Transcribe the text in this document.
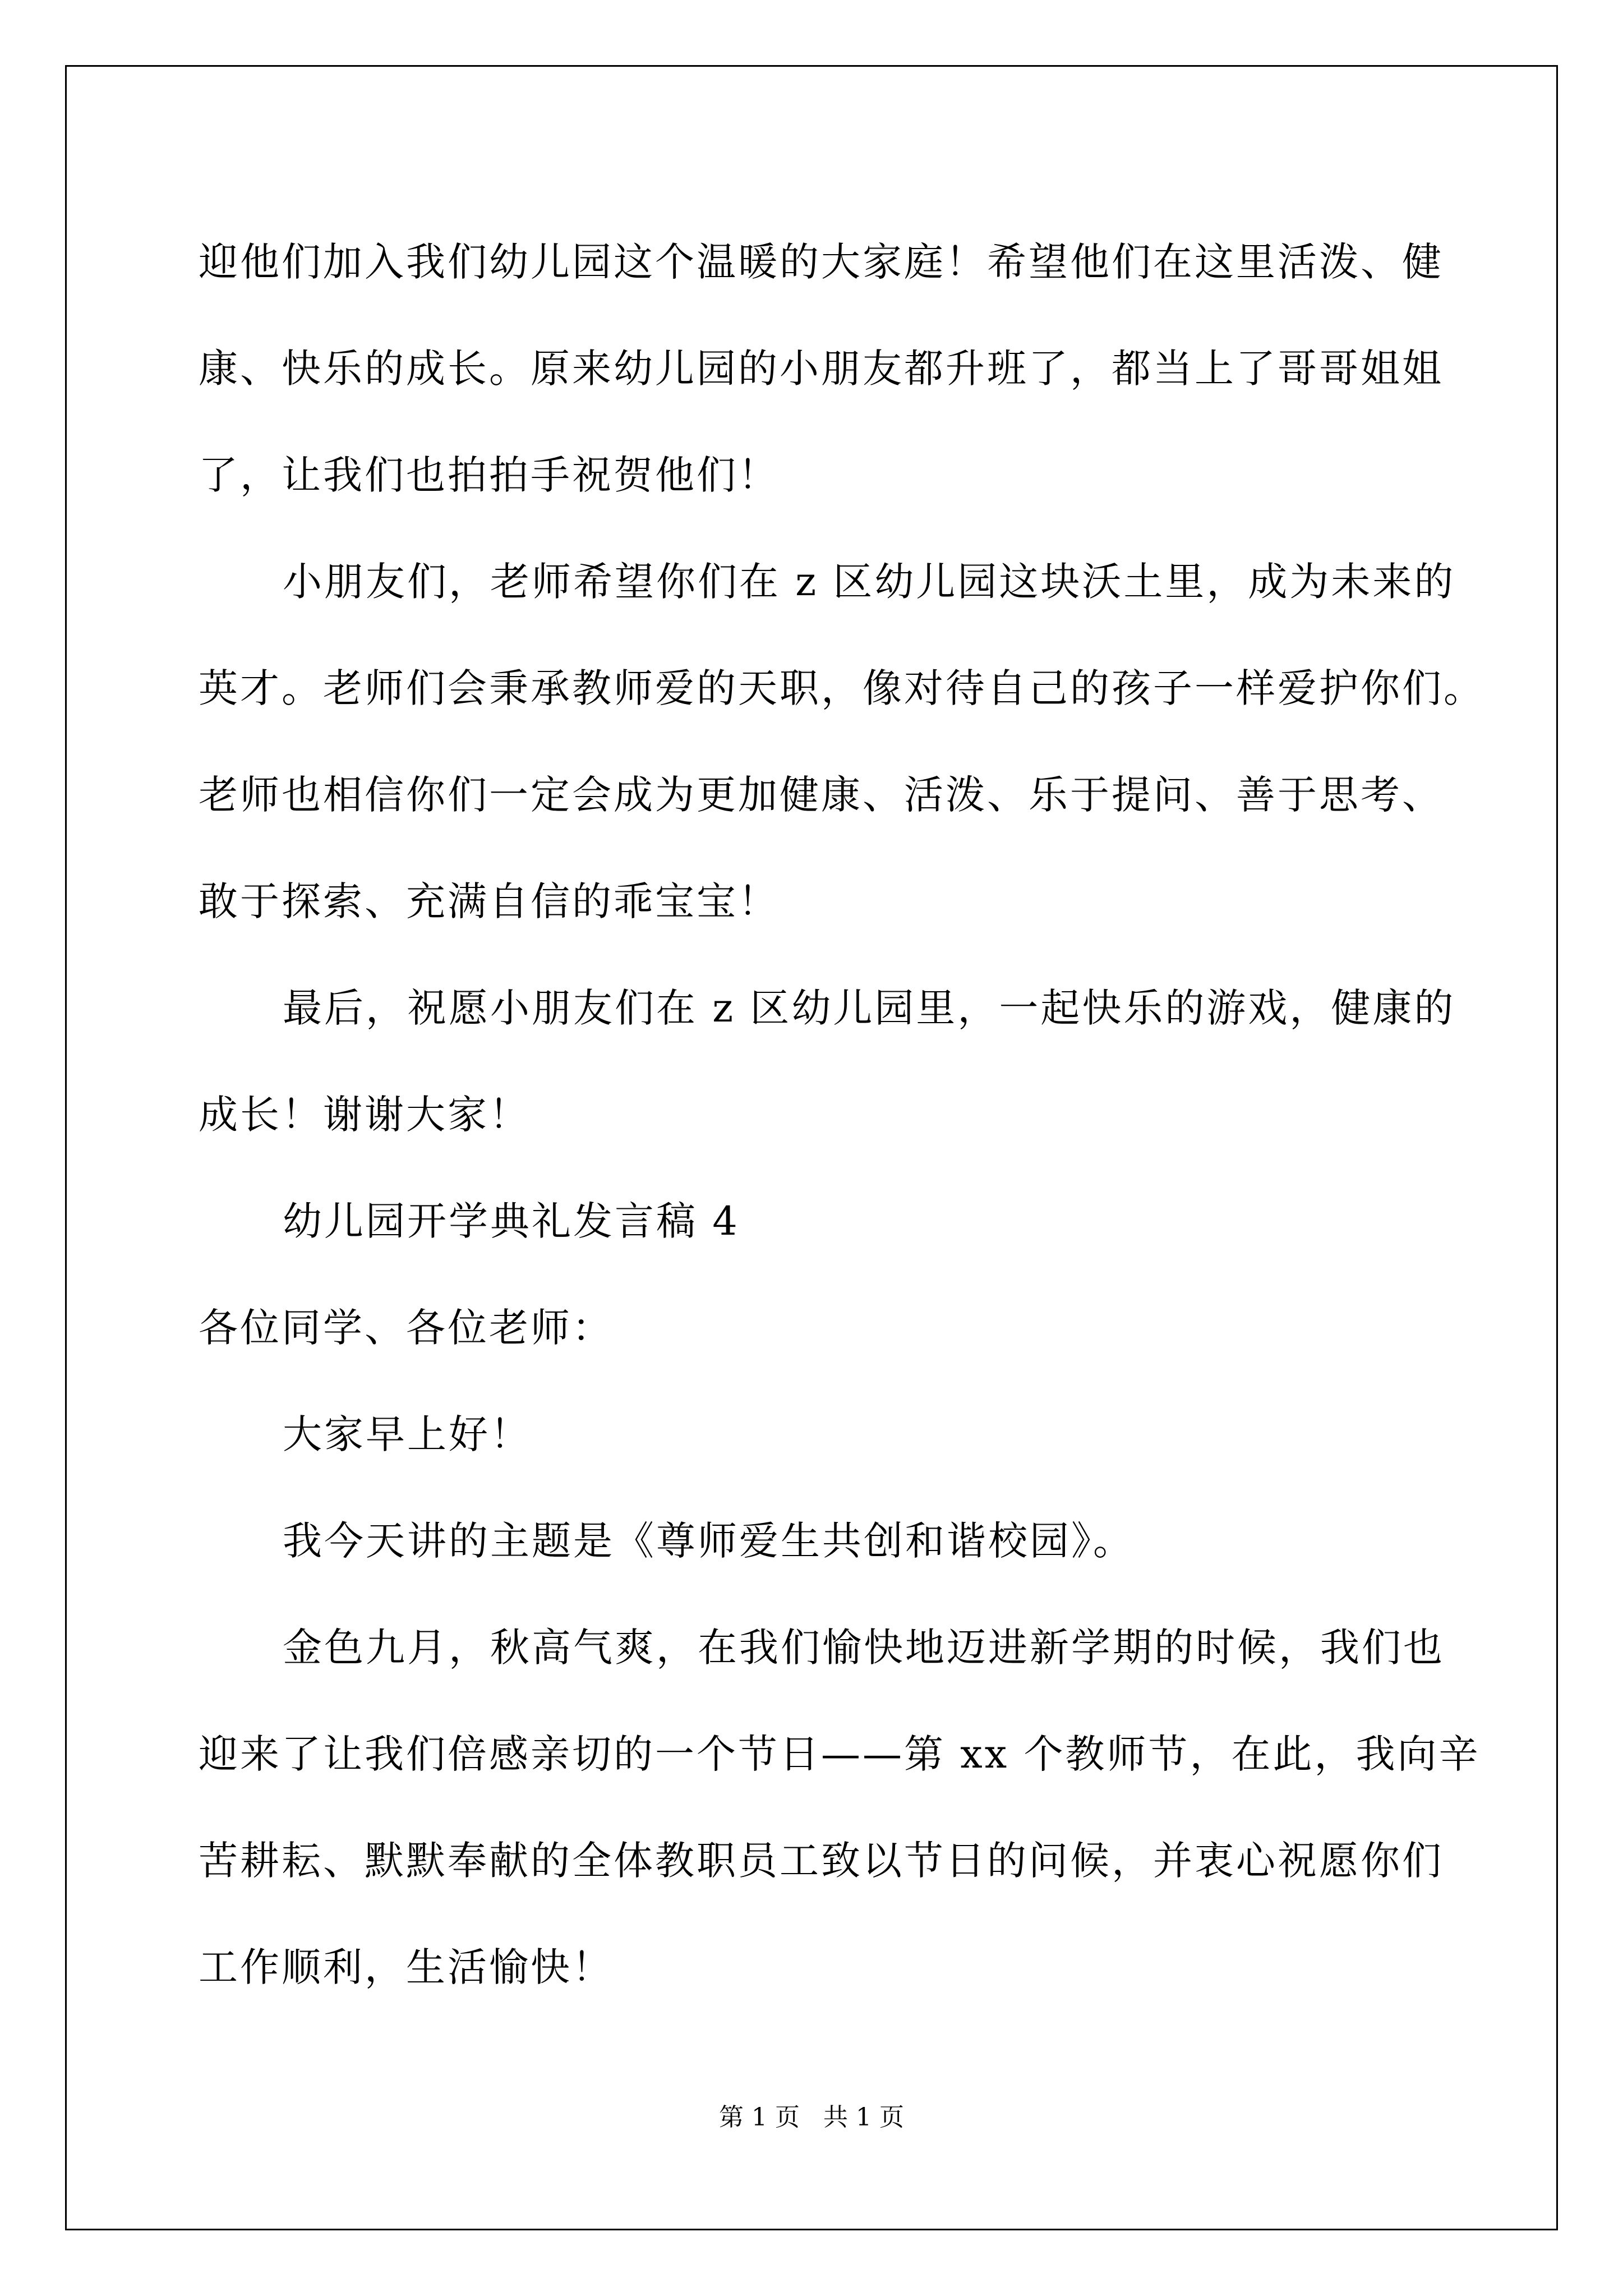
迎他们加入我们幼儿园这个温暖的大家庭！希望他们在这里活泼、健
康、快乐的成长。原来幼儿园的小朋友都升班了，都当上了哥哥姐姐
了，让我们也拍拍手祝贺他们！
小朋友们，老师希望你们在 z 区幼儿园这块沃土里，成为未来的
英才。老师们会秉承教师爱的天职，像对待自己的孩子一样爱护你们。
老师也相信你们一定会成为更加健康、活泼、乐于提问、善于思考、
敢于探索、充满自信的乖宝宝！
最后，祝愿小朋友们在 z 区幼儿园里，一起快乐的游戏，健康的
成长！谢谢大家！
幼儿园开学典礼发言稿 4
各位同学、各位老师：
大家早上好！
我今天讲的主题是《尊师爱生共创和谐校园》。
金色九月，秋高气爽，在我们愉快地迈进新学期的时候，我们也
迎来了让我们倍感亲切的一个节日——第 xx 个教师节，在此，我向辛
苦耕耘、默默奉献的全体教职员工致以节日的问候，并衷心祝愿你们
工作顺利，生活愉快！
第 1 页   共 1 页
